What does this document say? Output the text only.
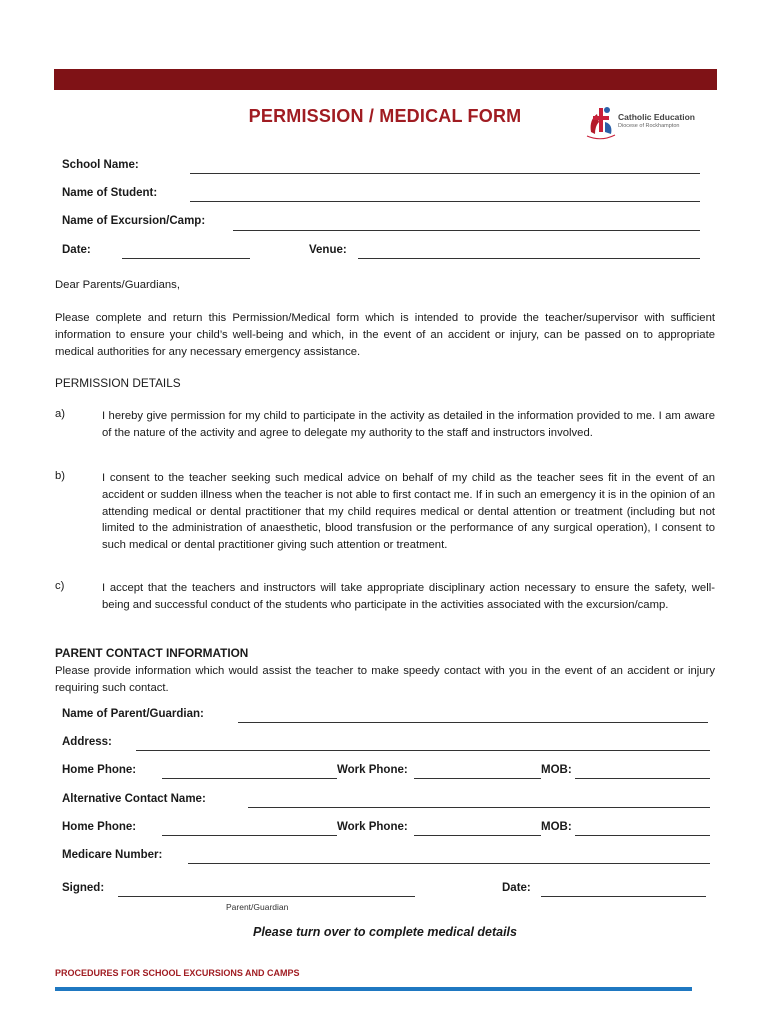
PERMISSION / MEDICAL FORM	Catholic Education
Diocese of Rockhampton
School Name:
Name of Student:
Name of Excursion/Camp:
Date:	Venue:
Dear Parents/Guardians,
Please complete and return this Permission/Medical form which is intended to provide the teacher/supervisor with sufficient information to ensure your child’s well-being and which, in the event of an accident or injury, can be passed on to appropriate medical authorities for any necessary emergency assistance.
PERMISSION DETAILS
a)	I hereby give permission for my child to participate in the activity as detailed in the information provided to me. I am aware of the nature of the activity and agree to delegate my authority to the staff and instructors involved.
b)	I consent to the teacher seeking such medical advice on behalf of my child as the teacher sees fit in the event of an accident or sudden illness when the teacher is not able to first contact me. If in such an emergency it is in the opinion of an attending medical or dental practitioner that my child requires medical or dental attention or treatment (including but not limited to the administration of anaesthetic, blood transfusion or the performance of any surgical operation), I consent to such medical or dental practitioner giving such attention or treatment.
c)	I accept that the teachers and instructors will take appropriate disciplinary action necessary to ensure the safety, well-being and successful conduct of the students who participate in the activities associated with the excursion/camp.
PARENT CONTACT INFORMATION
Please provide information which would assist the teacher to make speedy contact with you in the event of an accident or injury requiring such contact.
Name of Parent/Guardian:
Address:
Home Phone:	Work Phone:	MOB:
Alternative Contact Name:
Home Phone:	Work Phone:	MOB:
Medicare Number:
Signed:
Parent/Guardian
Date:
Please turn over to complete medical details
PROCEDURES FOR SCHOOL EXCURSIONS AND CAMPS
